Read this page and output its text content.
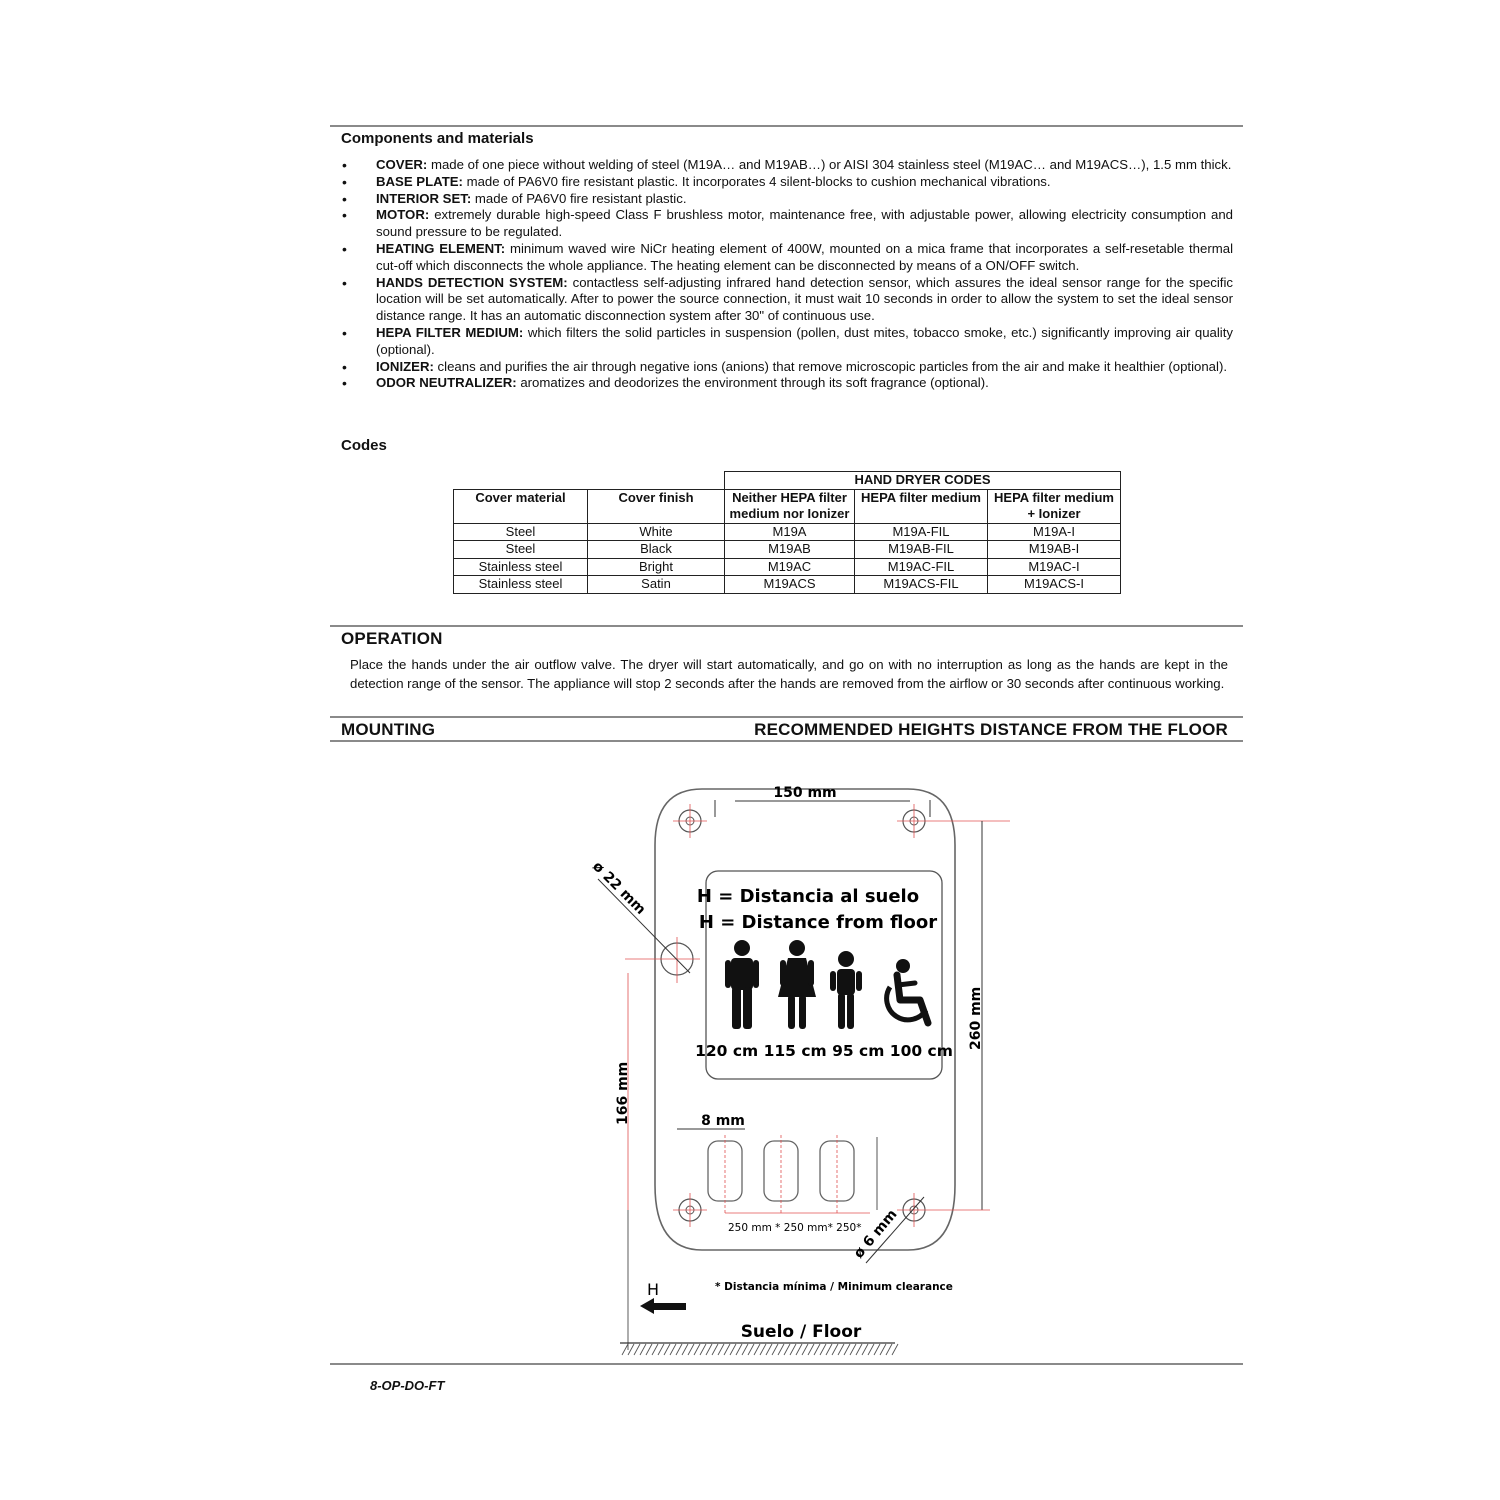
Components and materials
• COVER: made of one piece without welding of steel (M19A… and M19AB…) or AISI 304 stainless steel (M19AC… and M19ACS…), 1.5 mm thick.
• BASE PLATE: made of PA6V0 fire resistant plastic. It incorporates 4 silent-blocks to cushion mechanical vibrations.
• INTERIOR SET: made of PA6V0 fire resistant plastic.
• MOTOR: extremely durable high-speed Class F brushless motor, maintenance free, with adjustable power, allowing electricity consumption and sound pressure to be regulated.
• HEATING ELEMENT: minimum waved wire NiCr heating element of 400W, mounted on a mica frame that incorporates a self-resetable thermal cut-off which disconnects the whole appliance. The heating element can be disconnected by means of a ON/OFF switch.
• HANDS DETECTION SYSTEM: contactless self-adjusting infrared hand detection sensor, which assures the ideal sensor range for the specific location will be set automatically. After to power the source connection, it must wait 10 seconds in order to allow the system to set the ideal sensor distance range. It has an automatic disconnection system after 30" of continuous use.
• HEPA FILTER MEDIUM: which filters the solid particles in suspension (pollen, dust mites, tobacco smoke, etc.) significantly improving air quality (optional).
• IONIZER: cleans and purifies the air through negative ions (anions) that remove microscopic particles from the air and make it healthier (optional).
• ODOR NEUTRALIZER: aromatizes and deodorizes the environment through its soft fragrance (optional).
Codes
		HAND DRYER CODES		
Cover material	Cover finish	Neither HEPA filter medium nor Ionizer	HEPA filter medium	HEPA filter medium + Ionizer
Steel	White	M19A	M19A-FIL	M19A-I
Steel	Black	M19AB	M19AB-FIL	M19AB-I
Stainless steel	Bright	M19AC	M19AC-FIL	M19AC-I
Stainless steel	Satin	M19ACS	M19ACS-FIL	M19ACS-I
OPERATION
Place the hands under the air outflow valve. The dryer will start automatically, and go on with no interruption as long as the hands are kept in the detection range of the sensor. The appliance will stop 2 seconds after the hands are removed from the airflow or 30 seconds after continuous working.
MOUNTING	RECOMMENDED HEIGHTS DISTANCE FROM THE FLOOR
150 mm
ø 22 mm	H = Distancia al suelo
H = Distance from floor
120 cm 115 cm 95 cm 100 cm
260 mm
166 mm	8 mm
250 mm * 250 mm* 250*
ø 6 mm
H	* Distancia mínima / Minimum clearance
Suelo / Floor
8-OP-DO-FT
